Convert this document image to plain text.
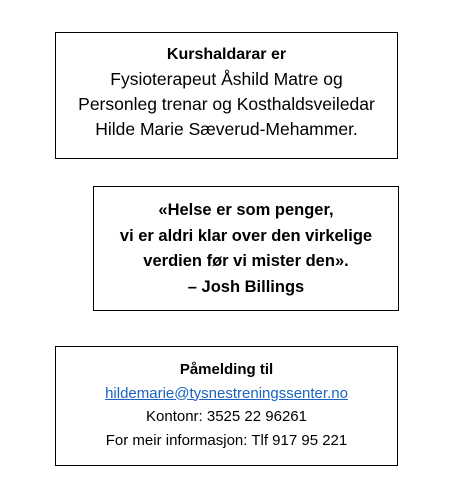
Kurshaldarar er
Fysioterapeut Åshild Matre og
Personleg trenar og Kosthaldsveiledar
Hilde Marie Sæverud-Mehammer.
«Helse er som penger,
vi er aldri klar over den virkelige
verdien før vi mister den».
– Josh Billings
Påmelding til
hildemarie@tysnestreningssenter.no
Kontonr: 3525 22 96261
For meir informasjon: Tlf 917 95 221
